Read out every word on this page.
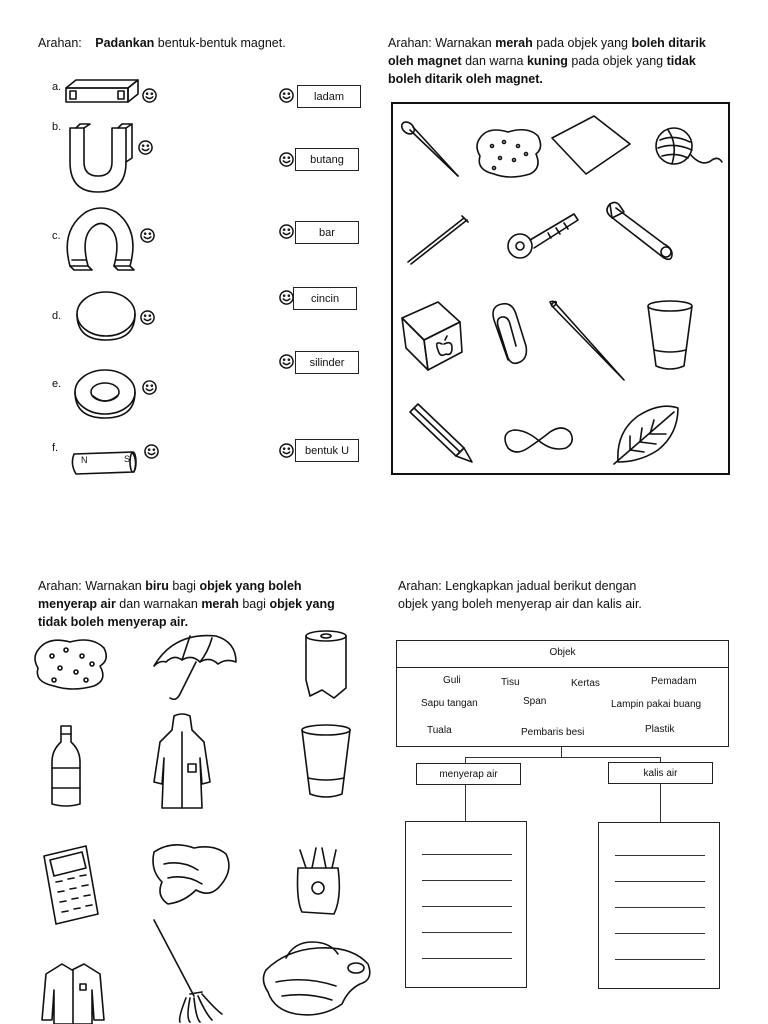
Arahan: Padankan bentuk-bentuk magnet.
a.
b.
c.
d.
e.
f.
N	S
ladam
butang
bar
cincin
silinder
bentuk U
Arahan: Warnakan merah pada objek yang boleh ditarik oleh magnet dan warna kuning pada objek yang tidak boleh ditarik oleh magnet.
Arahan: Warnakan biru bagi objek yang boleh menyerap air dan warnakan merah bagi objek yang tidak boleh menyerap air.
Arahan: Lengkapkan jadual berikut dengan
objek yang boleh menyerap air dan kalis air.
Objek
Guli	Tisu	Kertas	Pemadam
Sapu tangan	Span	Lampin pakai buang
Tuala	Pembaris besi	Plastik
menyerap air	kalis air
